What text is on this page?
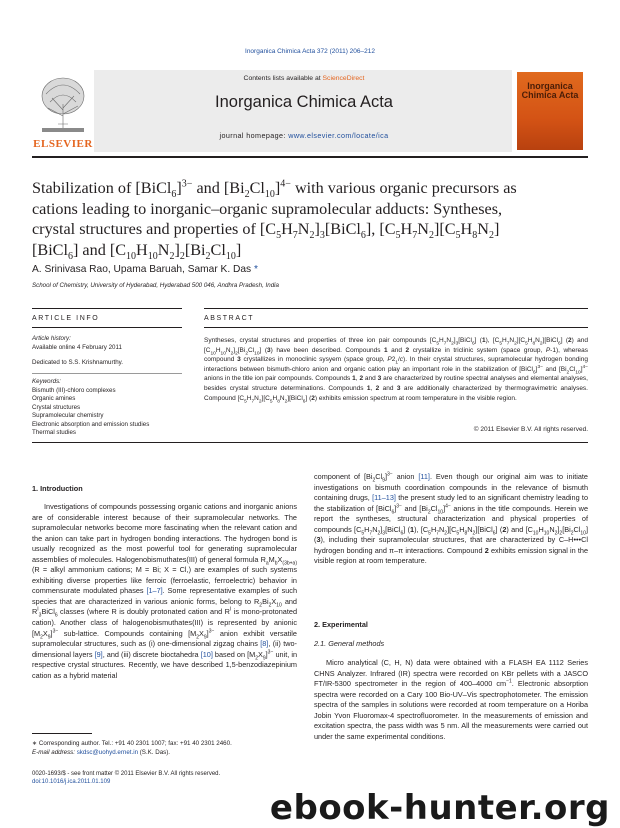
Inorganica Chimica Acta 372 (2011) 206–212
ELSEVIER
Contents lists available at ScienceDirect
Inorganica Chimica Acta
journal homepage: www.elsevier.com/locate/ica
Inorganica Chimica Acta
Stabilization of [BiCl$_6$]$^{3-}$ and $[Bi_2Cl_{10}]^{4-}$ with various organic precursors as cations leading to inorganic–organic supramolecular adducts: Syntheses, crystal structures and properties of $[C_5H_7N_2]_3[BiCl_6]$, $[C_5H_7N_2][C_5H_8N_2][BiCl_6]$ and $[C_{10}H_{10}N_2]_2[Bi_2Cl_{10}]$
A. Srinivasa Rao, Upama Baruah, Samar K. Das *
School of Chemistry, University of Hyderabad, Hyderabad 500 046, Andhra Pradesh, India
ARTICLE INFO	ABSTRACT
Article history:
Available online 4 February 2011
Dedicated to S.S. Krishnamurthy.
Keywords:
Bismuth (III)-chloro complexes
Organic amines
Crystal structures
Supramolecular chemistry
Electronic absorption and emission studies
Thermal studies
Syntheses, crystal structures and properties of three ion pair compounds $[C_5H_7N_2]_3[BiCl_6]$ (1), $[C_5H_7N_2][C_5H_8N_2][BiCl_6]$ (2) and $[C_{10}H_{10}N_2]_2[Bi_2Cl_{10}]$ (3) have been described. Compounds 1 and 2 crystallize in triclinic system (space group, P-1), whereas compound 3 crystallizes in monoclinic sysyem (space group, $P2_1/c$). In their crystal structures, supramolecular hydrogen bonding interactions between bismuth-chloro anion and organic cation play an important role in the stabilization of [BiCl$_6$]$^{3-}$ and $[Bi_2Cl_{10}]^{4-}$ anions in the title ion pair compounds. Compounds 1, 2 and 3 are characterized by routine spectral analyses and elemental analyses, besides crystal structure determinations. Compounds 1, 2 and 3 are additionally characterized by thermogravimetric analyses. Compound $[C_5H_7N_2][C_5H_8N_2][BiCl_6]$ (2) exhibits emission spectrum at room temperature in the visible region.
© 2011 Elsevier B.V. All rights reserved.
1. Introduction

Investigations of compounds possessing organic cations and inorganic anions are of considerable interest because of their supramolecular networks. The supramolecular networks become more fascinating when the relevant cation and the anion can take part in hydrogen bonding interactions. The hydrogen bond is usually recognized as the most powerful tool for generating supramolecular assemblies of molecules. Halogenobismuthates(III) of general formula $R_aM_bX_{(3b+a)}$ (R = alkyl ammonium cations; M = Bi; X = Cl,) are examples of such systems exhibiting diverse properties like ferroic (ferroelastic, ferroelectric) behavior in commensurate modulated phases [1–7]. Some representative examples of such species that are characterized in various anionic forms, belong to $R_2Bi_2X_{10}$ and $R^I_3BiCl_6$ classes (where R is doubly protonated cation and $R^I$ is mono-protonated cation). Another class of halogenobismuthates(III) is represented by anionic $[M_2X_9]^{3-}$ sub-lattice. Compounds containing $[M_2X_9]^{3-}$ anion exhibit versatile supramolecular structures, such as (i) one-dimensional zigzag chains [8], (ii) two-dimensional layers [9], and (iii) discrete bioctahedra [10] based on $[M_2X_9]^{3-}$ unit, in respective crystal structures. Recently, we have described 1,5-benzodiazepinium cation as a hybrid material

∗ Corresponding author. Tel.: +91 40 2301 1007; fax: +91 40 2301 2460.
E-mail address: skdsc@uohyd.ernet.in (S.K. Das).
0020-1693/$ - see front matter © 2011 Elsevier B.V. All rights reserved.
doi:10.1016/j.ica.2011.01.109

component of $[Bi_2Cl_9]^{3-}$ anion [11]. Even though our original aim was to initiate investigations on bismuth coordination compounds in the relevance of bismuth containing drugs, [11–13] the present study led to an significant chemistry leading to the stabilization of [BiCl$_6$]$^{3-}$ and $[Bi_2Cl_{10}]^{4-}$ anions in the title compounds. Herein we report the syntheses, structural characterization and physical properties of compounds $[C_5H_7N_2]_3[BiCl_6]$ (1), $[C_5H_7N_2][C_5H_8N_2][BiCl_6]$ (2) and $[C_{10}H_{10}N_2]_2[Bi_2Cl_{10}]$ (3), including their supramolecular structures, that are characterized by C–H•••Cl hydrogen bonding and π–π interactions. Compound 2 exhibits emission signal in the visible region at room temperature.

2. Experimental
2.1. General methods

Micro analytical (C, H, N) data were obtained with a FLASH EA 1112 Series CHNS Analyzer. Infrared (IR) spectra were recorded on KBr pellets with a JASCO FT/IR-5300 spectrometer in the region of 400–4000 $cm^{-1}$. Electronic absorption spectra were recorded on a Cary 100 Bio-UV–Vis spectrophotometer. The emission spectra of the samples in solutions were recorded at room temperature on a Horiba Jobin Yvon Fluoromax-4 spectrofluorometer. In the measurements of emission and excitation spectra, the pass width was 5 nm. All the measurements were carried out under the same experimental conditions.

ebook-hunter.org
